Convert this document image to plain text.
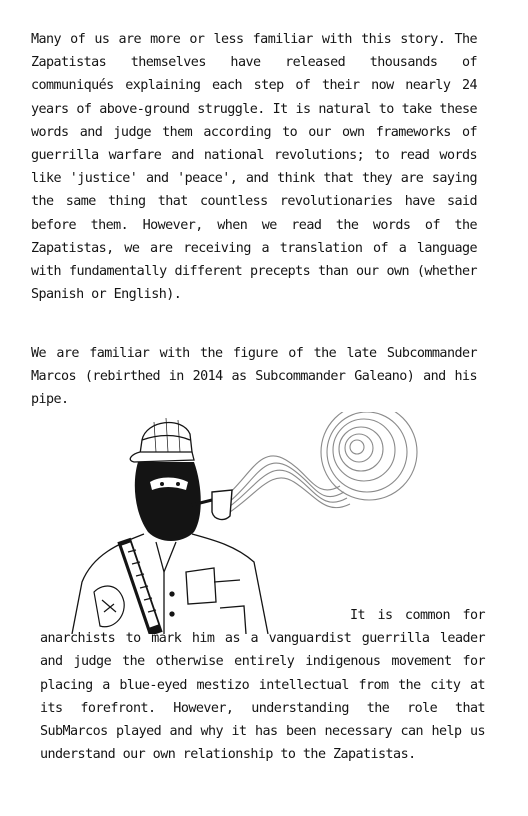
Many of us are more or less familiar with this story. The Zapatistas themselves have released thousands of communiqués explaining each step of their now nearly 24 years of above-ground struggle. It is natural to take these words and judge them according to our own frameworks of guerrilla warfare and national revolutions; to read words like 'justice' and 'peace', and think that they are saying the same thing that countless revolutionaries have said before them. However, when we read the words of the Zapatistas, we are receiving a translation of a language with fundamentally different precepts than our own (whether Spanish or English).

We are familiar with the figure of the late Subcommander Marcos (rebirthed in 2014 as Subcommander Galeano) and his pipe.

It is common for anarchists to mark him as a vanguardist guerrilla leader and judge the otherwise entirely indigenous movement for placing a blue-eyed mestizo intellectual from the city at its forefront. However, understanding the role that SubMarcos played and why it has been necessary can help us understand our own relationship to the Zapatistas.
